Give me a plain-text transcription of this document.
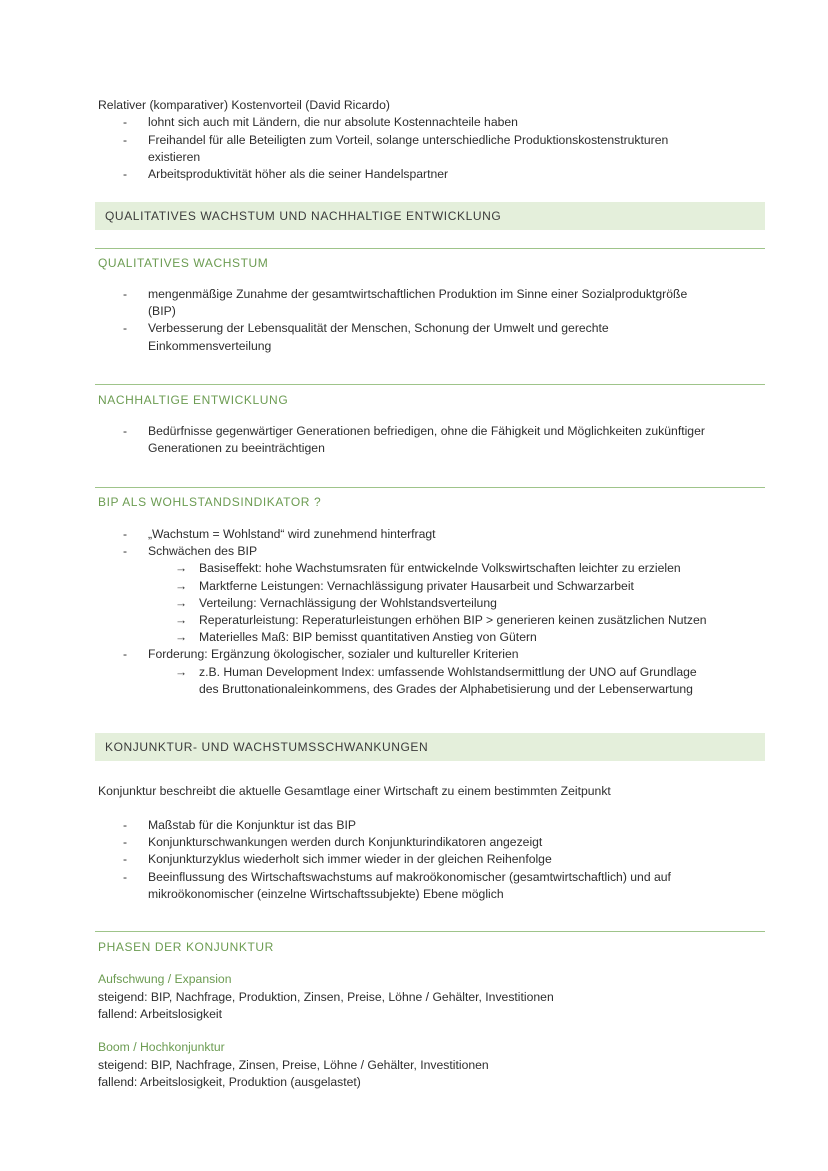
Relativer (komparativer) Kostenvorteil (David Ricardo)
- lohnt sich auch mit Ländern, die nur absolute Kostennachteile haben
- Freihandel für alle Beteiligten zum Vorteil, solange unterschiedliche Produktionskostenstrukturen
existieren
- Arbeitsproduktivität höher als die seiner Handelspartner
QUALITATIVES WACHSTUM UND NACHHALTIGE ENTWICKLUNG
QUALITATIVES WACHSTUM
- mengenmäßige Zunahme der gesamtwirtschaftlichen Produktion im Sinne einer Sozialproduktgröße
(BIP)
- Verbesserung der Lebensqualität der Menschen, Schonung der Umwelt und gerechte
Einkommensverteilung
NACHHALTIGE ENTWICKLUNG
- Bedürfnisse gegenwärtiger Generationen befriedigen, ohne die Fähigkeit und Möglichkeiten zukünftiger
Generationen zu beeinträchtigen
BIP ALS WOHLSTANDSINDIKATOR ?
- „Wachstum = Wohlstand“ wird zunehmend hinterfragt
- Schwächen des BIP
→ Basiseffekt: hohe Wachstumsraten für entwickelnde Volkswirtschaften leichter zu erzielen
→ Marktferne Leistungen: Vernachlässigung privater Hausarbeit und Schwarzarbeit
→ Verteilung: Vernachlässigung der Wohlstandsverteilung
→ Reperaturleistung: Reperaturleistungen erhöhen BIP > generieren keinen zusätzlichen Nutzen
→ Materielles Maß: BIP bemisst quantitativen Anstieg von Gütern
- Forderung: Ergänzung ökologischer, sozialer und kultureller Kriterien
→ z.B. Human Development Index: umfassende Wohlstandsermittlung der UNO auf Grundlage
des Bruttonationaleinkommens, des Grades der Alphabetisierung und der Lebenserwartung
KONJUNKTUR- UND WACHSTUMSSCHWANKUNGEN
Konjunktur beschreibt die aktuelle Gesamtlage einer Wirtschaft zu einem bestimmten Zeitpunkt
- Maßstab für die Konjunktur ist das BIP
- Konjunkturschwankungen werden durch Konjunkturindikatoren angezeigt
- Konjunkturzyklus wiederholt sich immer wieder in der gleichen Reihenfolge
- Beeinflussung des Wirtschaftswachstums auf makroökonomischer (gesamtwirtschaftlich) und auf
mikroökonomischer (einzelne Wirtschaftssubjekte) Ebene möglich
PHASEN DER KONJUNKTUR
Aufschwung / Expansion
steigend: BIP, Nachfrage, Produktion, Zinsen, Preise, Löhne / Gehälter, Investitionen
fallend: Arbeitslosigkeit
Boom / Hochkonjunktur
steigend: BIP, Nachfrage, Zinsen, Preise, Löhne / Gehälter, Investitionen
fallend: Arbeitslosigkeit, Produktion (ausgelastet)
